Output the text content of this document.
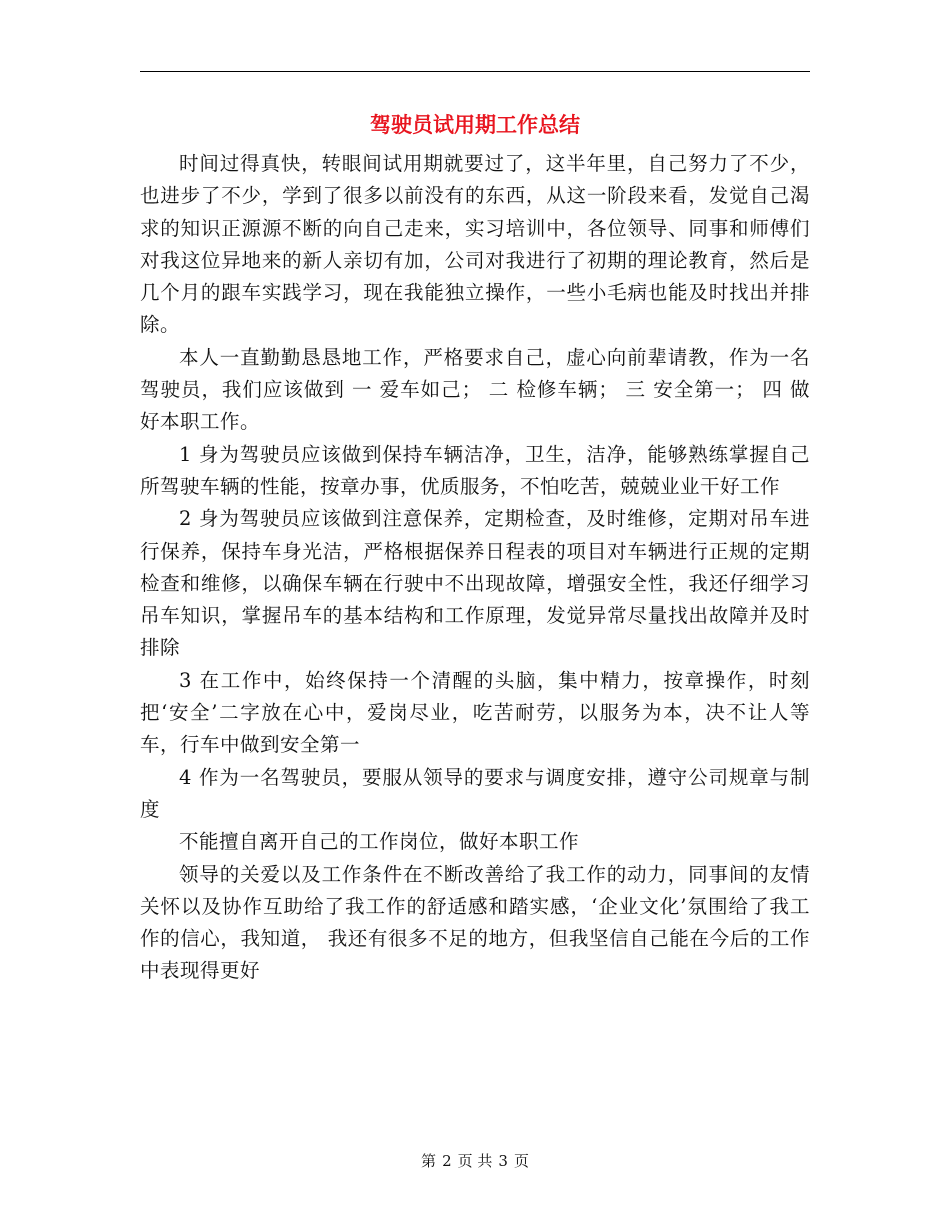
驾驶员试用期工作总结

时间过得真快，转眼间试用期就要过了，这半年里，自己努力了不少，也进步了不少，学到了很多以前没有的东西，从这一阶段来看，发觉自己渴求的知识正源源不断的向自己走来，实习培训中，各位领导、同事和师傅们对我这位异地来的新人亲切有加，公司对我进行了初期的理论教育，然后是几个月的跟车实践学习，现在我能独立操作，一些小毛病也能及时找出并排除。

本人一直勤勤恳恳地工作，严格要求自己，虚心向前辈请教，作为一名驾驶员，我们应该做到 一 爱车如己； 二 检修车辆； 三 安全第一； 四 做好本职工作。

1 身为驾驶员应该做到保持车辆洁净，卫生，洁净，能够熟练掌握自己所驾驶车辆的性能，按章办事，优质服务，不怕吃苦，兢兢业业干好工作

2 身为驾驶员应该做到注意保养，定期检查，及时维修，定期对吊车进行保养，保持车身光洁，严格根据保养日程表的项目对车辆进行正规的定期检查和维修，以确保车辆在行驶中不出现故障，增强安全性，我还仔细学习吊车知识，掌握吊车的基本结构和工作原理，发觉异常尽量找出故障并及时排除

3 在工作中，始终保持一个清醒的头脑，集中精力，按章操作，时刻把‘安全’二字放在心中，爱岗尽业，吃苦耐劳，以服务为本，决不让人等车，行车中做到安全第一

4 作为一名驾驶员，要服从领导的要求与调度安排，遵守公司规章与制度

不能擅自离开自己的工作岗位，做好本职工作

领导的关爱以及工作条件在不断改善给了我工作的动力，同事间的友情关怀以及协作互助给了我工作的舒适感和踏实感，‘企业文化’氛围给了我工作的信心，我知道， 我还有很多不足的地方，但我坚信自己能在今后的工作中表现得更好

第 2 页 共 3 页
